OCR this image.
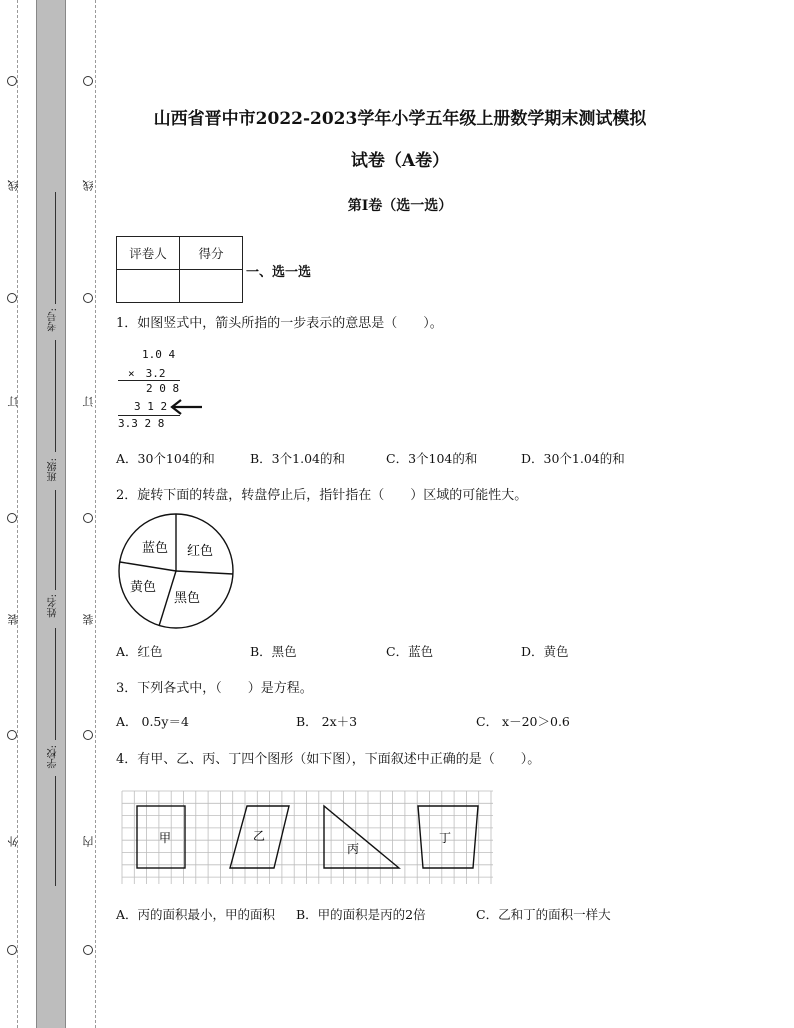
线
订
装
外
线
订
装
内
考号:
班级:
姓名:
学校:
山西省晋中市2022-2023学年小学五年级上册数学期末测试模拟
试卷（A卷）
第I卷（选一选）
评卷人	得分

一、选一选
1．如图竖式中，箭头所指的一步表示的意思是（　　）。
1.0 4
×　3.2
2 0 8
3 1 2
3.3 2 8
A．30个104的和	B．3个1.04的和	C．3个104的和	D．30个1.04的和
2．旋转下面的转盘，转盘停止后，指针指在（　　）区域的可能性大。
蓝色 红色
黄色
黑色
A．红色	B．黑色	C．蓝色	D．黄色
3．下列各式中，（　　）是方程。
A． 0.5y＝4	B． 2x＋3	C． x－20＞0.6
4．有甲、乙、丙、丁四个图形（如下图），下面叙述中正确的是（　　）。
甲	乙
丙
丁
A．丙的面积最小，甲的面积 B．甲的面积是丙的2倍	C．乙和丁的面积一样大
